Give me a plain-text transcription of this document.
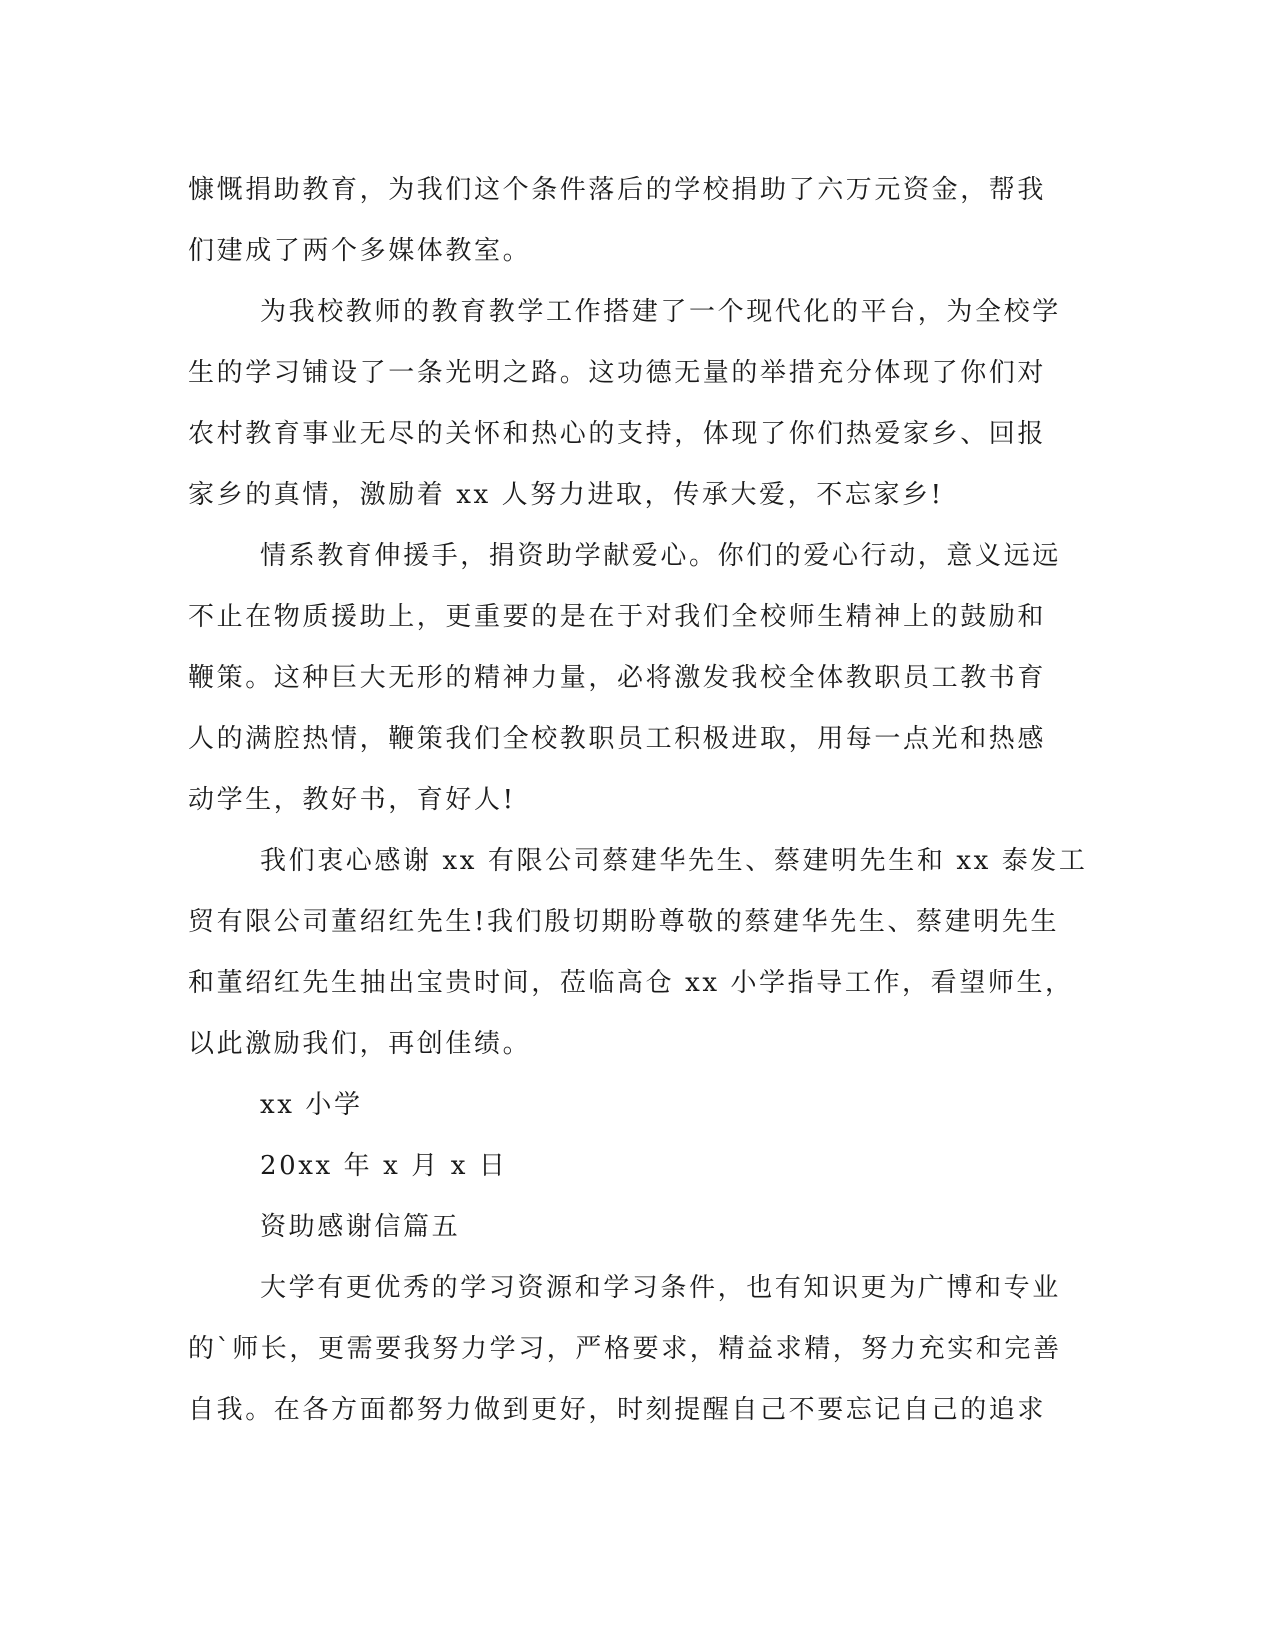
慷慨捐助教育，为我们这个条件落后的学校捐助了六万元资金，帮我
们建成了两个多媒体教室。
为我校教师的教育教学工作搭建了一个现代化的平台，为全校学
生的学习铺设了一条光明之路。这功德无量的举措充分体现了你们对
农村教育事业无尽的关怀和热心的支持，体现了你们热爱家乡、回报
家乡的真情，激励着 xx 人努力进取，传承大爱，不忘家乡!
情系教育伸援手，捐资助学献爱心。你们的爱心行动，意义远远
不止在物质援助上，更重要的是在于对我们全校师生精神上的鼓励和
鞭策。这种巨大无形的精神力量，必将激发我校全体教职员工教书育
人的满腔热情，鞭策我们全校教职员工积极进取，用每一点光和热感
动学生，教好书，育好人!
我们衷心感谢 xx 有限公司蔡建华先生、蔡建明先生和 xx 泰发工
贸有限公司董绍红先生!我们殷切期盼尊敬的蔡建华先生、蔡建明先生
和董绍红先生抽出宝贵时间，莅临高仓 xx 小学指导工作，看望师生，
以此激励我们，再创佳绩。
xx 小学
20xx 年 x 月 x 日
资助感谢信篇五
大学有更优秀的学习资源和学习条件，也有知识更为广博和专业
的`师长，更需要我努力学习，严格要求，精益求精，努力充实和完善
自我。在各方面都努力做到更好，时刻提醒自己不要忘记自己的追求
